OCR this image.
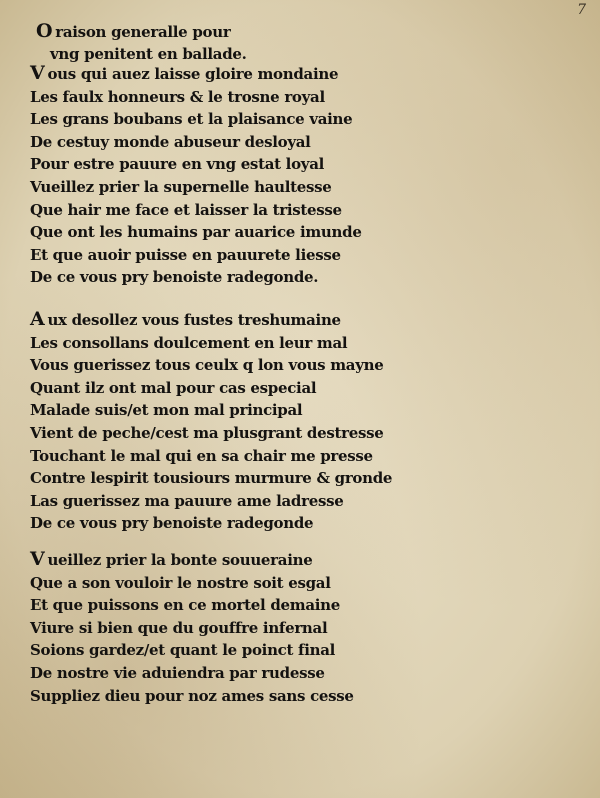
7
O raison generalle pour
vng penitent en ballade.
V ous qui auez laisse gloire mondaine
Les faulx honneurs & le trosne royal
Les grans boubans et la plaisance vaine
De cestuy monde abuseur desloyal
Pour estre pauure en vng estat loyal
Vueillez prier la supernelle haultesse
Que hair me face et laisser la tristesse
Que ont les humains par auarice imunde
Et que auoir puisse en pauurete liesse
De ce vous pry benoiste radegonde.
A ux desollez vous fustes treshumaine
Les consollans doulcement en leur mal
Vous guerissez tous ceulx q lon vous mayne
Quant ilz ont mal pour cas especial
Malade suis/et mon mal principal
Vient de peche/cest ma plusgrant destresse
Touchant le mal qui en sa chair me presse
Contre lespirit tousiours murmure & gronde
Las guerissez ma pauure ame ladresse
De ce vous pry benoiste radegonde
V ueillez prier la bonte souueraine
Que a son vouloir le nostre soit esgal
Et que puissons en ce mortel demaine
Viure si bien que du gouffre infernal
Soions gardez/et quant le poinct final
De nostre vie aduiendra par rudesse
Suppliez dieu pour noz ames sans cesse
